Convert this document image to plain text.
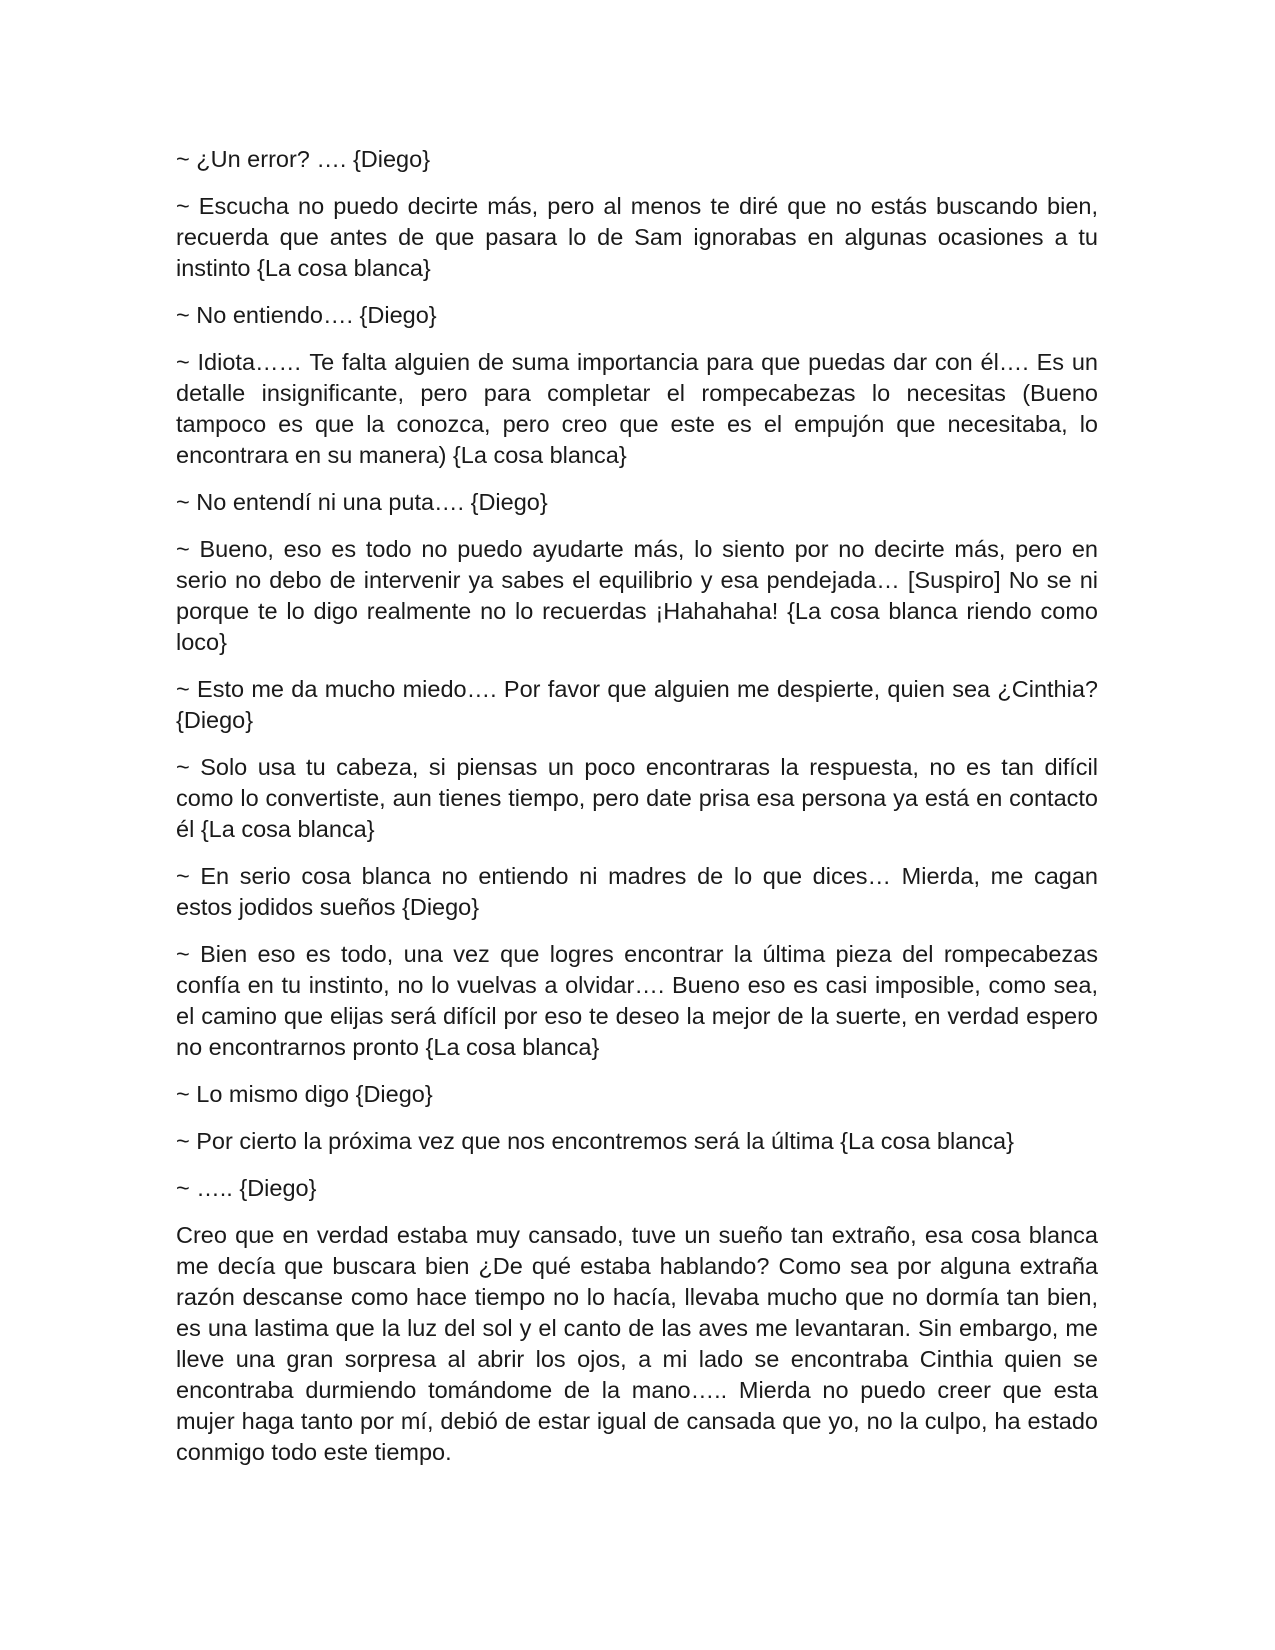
~ ¿Un error? …. {Diego}

~ Escucha no puedo decirte más, pero al menos te diré que no estás buscando bien, recuerda que antes de que pasara lo de Sam ignorabas en algunas ocasiones a tu instinto {La cosa blanca}

~ No entiendo…. {Diego}

~ Idiota…… Te falta alguien de suma importancia para que puedas dar con él…. Es un detalle insignificante, pero para completar el rompecabezas lo necesitas (Bueno tampoco es que la conozca, pero creo que este es el empujón que necesitaba, lo encontrara en su manera) {La cosa blanca}

~ No entendí ni una puta…. {Diego}

~ Bueno, eso es todo no puedo ayudarte más, lo siento por no decirte más, pero en serio no debo de intervenir ya sabes el equilibrio y esa pendejada… [Suspiro] No se ni porque te lo digo realmente no lo recuerdas ¡Hahahaha! {La cosa blanca riendo como loco}

~ Esto me da mucho miedo…. Por favor que alguien me despierte, quien sea ¿Cinthia? {Diego}

~ Solo usa tu cabeza, si piensas un poco encontraras la respuesta, no es tan difícil como lo convertiste, aun tienes tiempo, pero date prisa esa persona ya está en contacto él {La cosa blanca}

~ En serio cosa blanca no entiendo ni madres de lo que dices… Mierda, me cagan estos jodidos sueños {Diego}

~ Bien eso es todo, una vez que logres encontrar la última pieza del rompecabezas confía en tu instinto, no lo vuelvas a olvidar…. Bueno eso es casi imposible, como sea, el camino que elijas será difícil por eso te deseo la mejor de la suerte, en verdad espero no encontrarnos pronto {La cosa blanca}

~ Lo mismo digo {Diego}

~ Por cierto la próxima vez que nos encontremos será la última {La cosa blanca}

~ ….. {Diego}

Creo que en verdad estaba muy cansado, tuve un sueño tan extraño, esa cosa blanca me decía que buscara bien ¿De qué estaba hablando? Como sea por alguna extraña razón descanse como hace tiempo no lo hacía, llevaba mucho que no dormía tan bien, es una lastima que la luz del sol y el canto de las aves me levantaran. Sin embargo, me lleve una gran sorpresa al abrir los ojos, a mi lado se encontraba Cinthia quien se encontraba durmiendo tomándome de la mano….. Mierda no puedo creer que esta mujer haga tanto por mí, debió de estar igual de cansada que yo, no la culpo, ha estado conmigo todo este tiempo.
